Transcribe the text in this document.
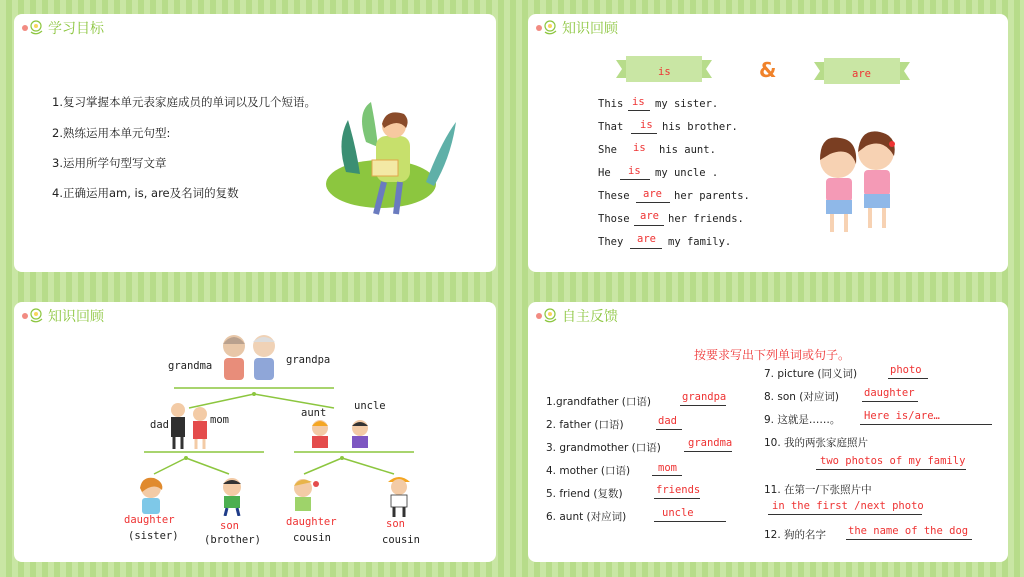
学习目标
1.复习掌握本单元表家庭成员的单词以及几个短语。
2.熟练运用本单元句型:
3.运用所学句型写文章
4.正确运用am, is, are及名词的复数
知识回顾
is	&	are
This is my sister.
That is his brother.
She is his aunt.
He is my uncle .
These are her parents.
Those are her friends.
They are my family.
知识回顾
grandma	grandpa
dad	mom
aunt
uncle
daughter
(sister)
son
(brother)
daughter
cousin
son
cousin
自主反馈
按要求写出下列单词或句子。
1.grandfather (口语)	grandpa
2. father (口语)	dad
3. grandmother (口语)	grandma
4. mother (口语)	mom
5. friend (复数)	friends
6. aunt (对应词)	uncle
7. picture (同义词)	photo
8. son (对应词) daughter
9. 这就是……。 Here is/are…
10. 我的两张家庭照片
two photos of my family
11. 在第一/下张照片中
in the first /next photo
12. 狗的名字 the name of the dog
